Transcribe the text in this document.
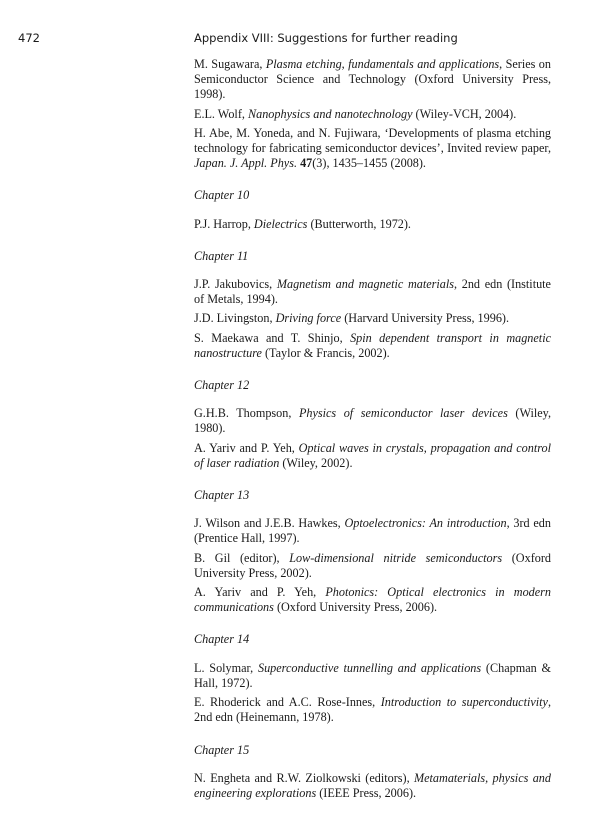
472	Appendix VIII: Suggestions for further reading

M. Sugawara, Plasma etching, fundamentals and applications, Series on Semiconductor Science and Technology (Oxford University Press, 1998).

E.L. Wolf, Nanophysics and nanotechnology (Wiley-VCH, 2004).

H. Abe, M. Yoneda, and N. Fujiwara, ‘Developments of plasma etching technology for fabricating semiconductor devices’, Invited review paper, Japan. J. Appl. Phys. 47(3), 1435–1455 (2008).

Chapter 10

P.J. Harrop, Dielectrics (Butterworth, 1972).

Chapter 11

J.P. Jakubovics, Magnetism and magnetic materials, 2nd edn (Institute of Metals, 1994).

J.D. Livingston, Driving force (Harvard University Press, 1996).

S. Maekawa and T. Shinjo, Spin dependent transport in magnetic nanostructure (Taylor & Francis, 2002).

Chapter 12

G.H.B. Thompson, Physics of semiconductor laser devices (Wiley, 1980).

A. Yariv and P. Yeh, Optical waves in crystals, propagation and control of laser radiation (Wiley, 2002).

Chapter 13

J. Wilson and J.E.B. Hawkes, Optoelectronics: An introduction, 3rd edn (Prentice Hall, 1997).

B. Gil (editor), Low-dimensional nitride semiconductors (Oxford University Press, 2002).

A. Yariv and P. Yeh, Photonics: Optical electronics in modern communications (Oxford University Press, 2006).

Chapter 14

L. Solymar, Superconductive tunnelling and applications (Chapman & Hall, 1972).

E. Rhoderick and A.C. Rose-Innes, Introduction to superconductivity, 2nd edn (Heinemann, 1978).

Chapter 15

N. Engheta and R.W. Ziolkowski (editors), Metamaterials, physics and engineering explorations (IEEE Press, 2006).
